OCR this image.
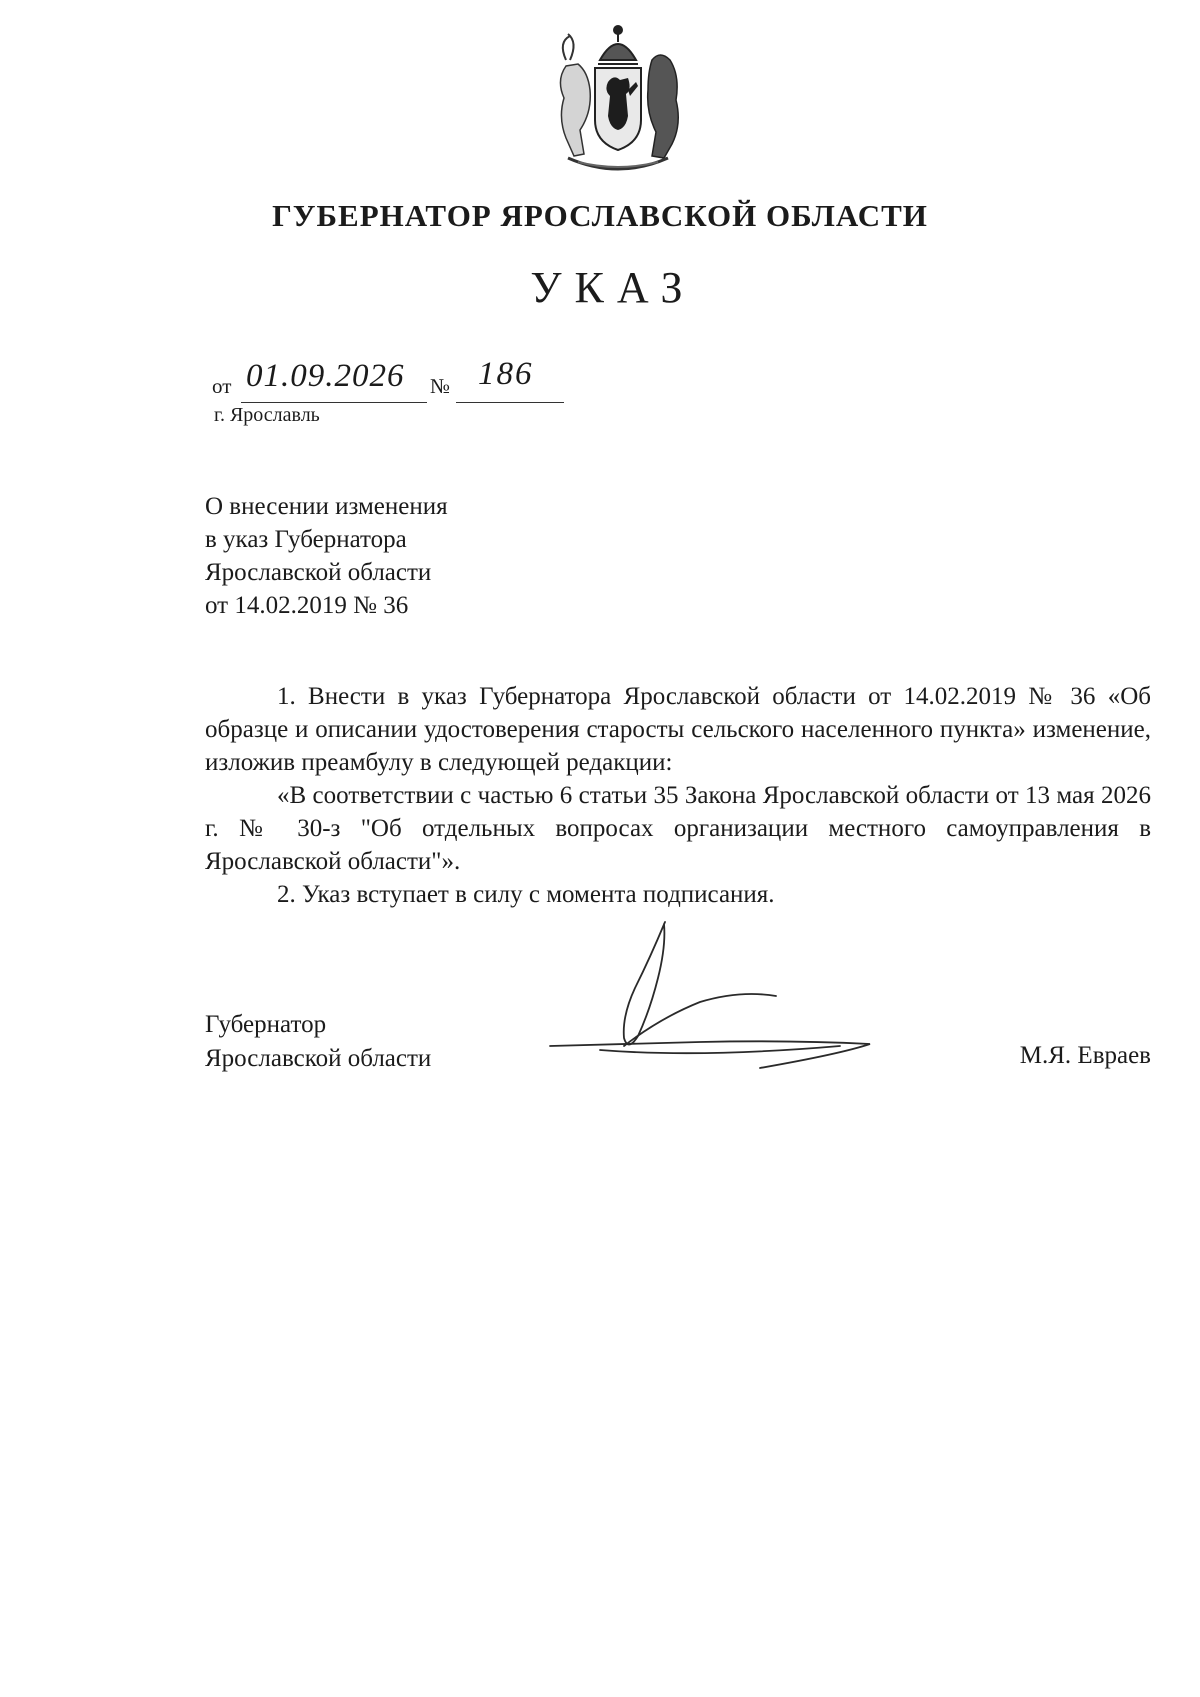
ГУБЕРНАТОР ЯРОСЛАВСКОЙ ОБЛАСТИ
УКАЗ
от 01.09.2026 № 186
г. Ярославль
О внесении изменения
в указ Губернатора
Ярославской области
от 14.02.2019 № 36

1. Внести в указ Губернатора Ярославской области от 14.02.2019 № 36 «Об образце и описании удостоверения старосты сельского населенного пункта» изменение, изложив преамбулу в следующей редакции:

«В соответствии с частью 6 статьи 35 Закона Ярославской области от 13 мая 2026 г. № 30-з "Об отдельных вопросах организации местного самоуправления в Ярославской области"».

2. Указ вступает в силу с момента подписания.

Губернатор
Ярославской области	М.Я. Евраев
